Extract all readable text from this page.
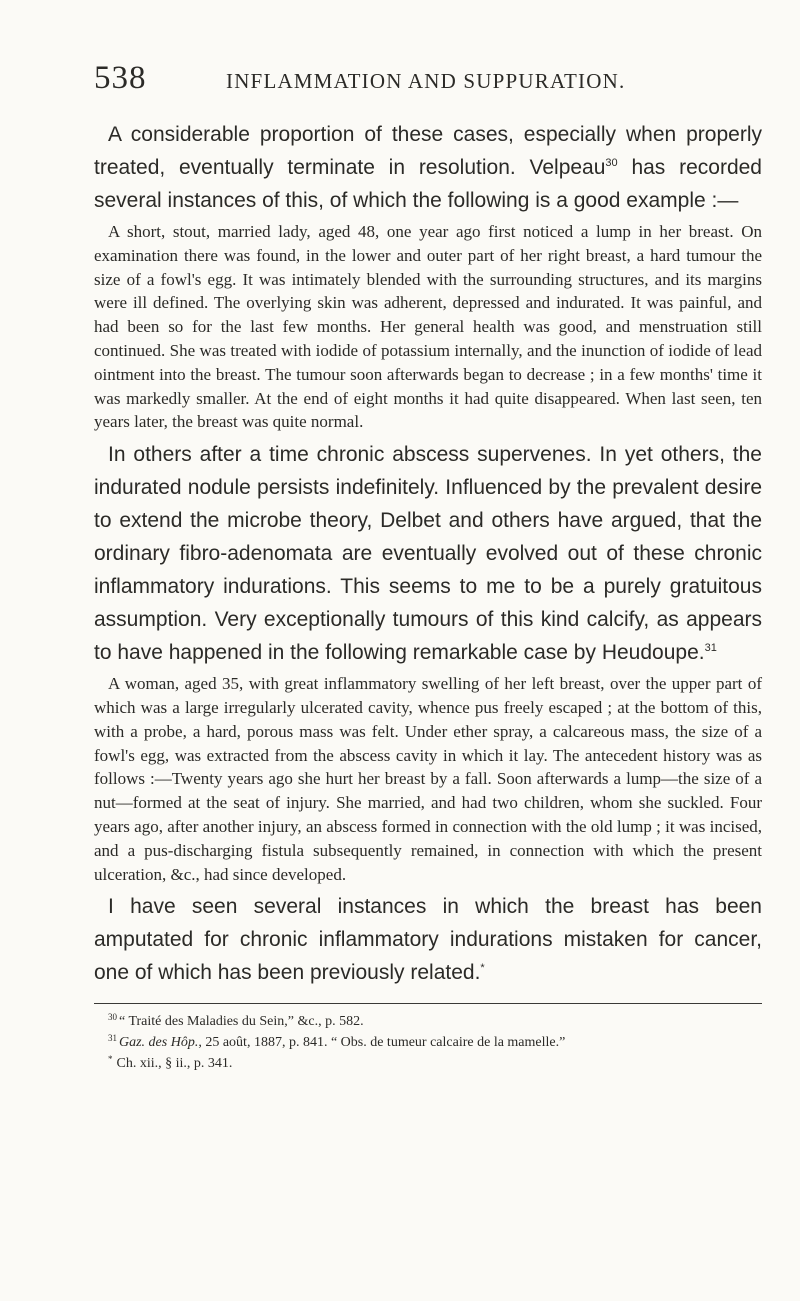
538	INFLAMMATION AND SUPPURATION.

A considerable proportion of these cases, especially when properly treated, eventually terminate in resolution. Velpeau$^{30}$ has recorded several instances of this, of which the following is a good example :—

A short, stout, married lady, aged 48, one year ago first noticed a lump in her breast. On examination there was found, in the lower and outer part of her right breast, a hard tumour the size of a fowl's egg. It was intimately blended with the surrounding structures, and its margins were ill defined. The overlying skin was adherent, depressed and indurated. It was painful, and had been so for the last few months. Her general health was good, and menstruation still continued. She was treated with iodide of potassium internally, and the inunction of iodide of lead ointment into the breast. The tumour soon afterwards began to decrease ; in a few months' time it was markedly smaller. At the end of eight months it had quite disappeared. When last seen, ten years later, the breast was quite normal.

In others after a time chronic abscess supervenes. In yet others, the indurated nodule persists indefinitely. Influenced by the prevalent desire to extend the microbe theory, Delbet and others have argued, that the ordinary fibro-adenomata are eventually evolved out of these chronic inflammatory indurations. This seems to me to be a purely gratuitous assumption. Very exceptionally tumours of this kind calcify, as appears to have happened in the following remarkable case by Heudoupe.$^{31}$

A woman, aged 35, with great inflammatory swelling of her left breast, over the upper part of which was a large irregularly ulcerated cavity, whence pus freely escaped ; at the bottom of this, with a probe, a hard, porous mass was felt. Under ether spray, a calcareous mass, the size of a fowl's egg, was extracted from the abscess cavity in which it lay. The antecedent history was as follows :—Twenty years ago she hurt her breast by a fall. Soon afterwards a lump—the size of a nut—formed at the seat of injury. She married, and had two children, whom she suckled. Four years ago, after another injury, an abscess formed in connection with the old lump ; it was incised, and a pus-discharging fistula subsequently remained, in connection with which the present ulceration, &c., had since developed.

I have seen several instances in which the breast has been amputated for chronic inflammatory indurations mistaken for cancer, one of which has been previously related.*

$^{30}$ “ Traité des Maladies du Sein,” &c., p. 582.

$^{31}$ Gaz. des Hôp., 25 août, 1887, p. 841. “ Obs. de tumeur calcaire de la mamelle.”

* Ch. xii., § ii., p. 341.
